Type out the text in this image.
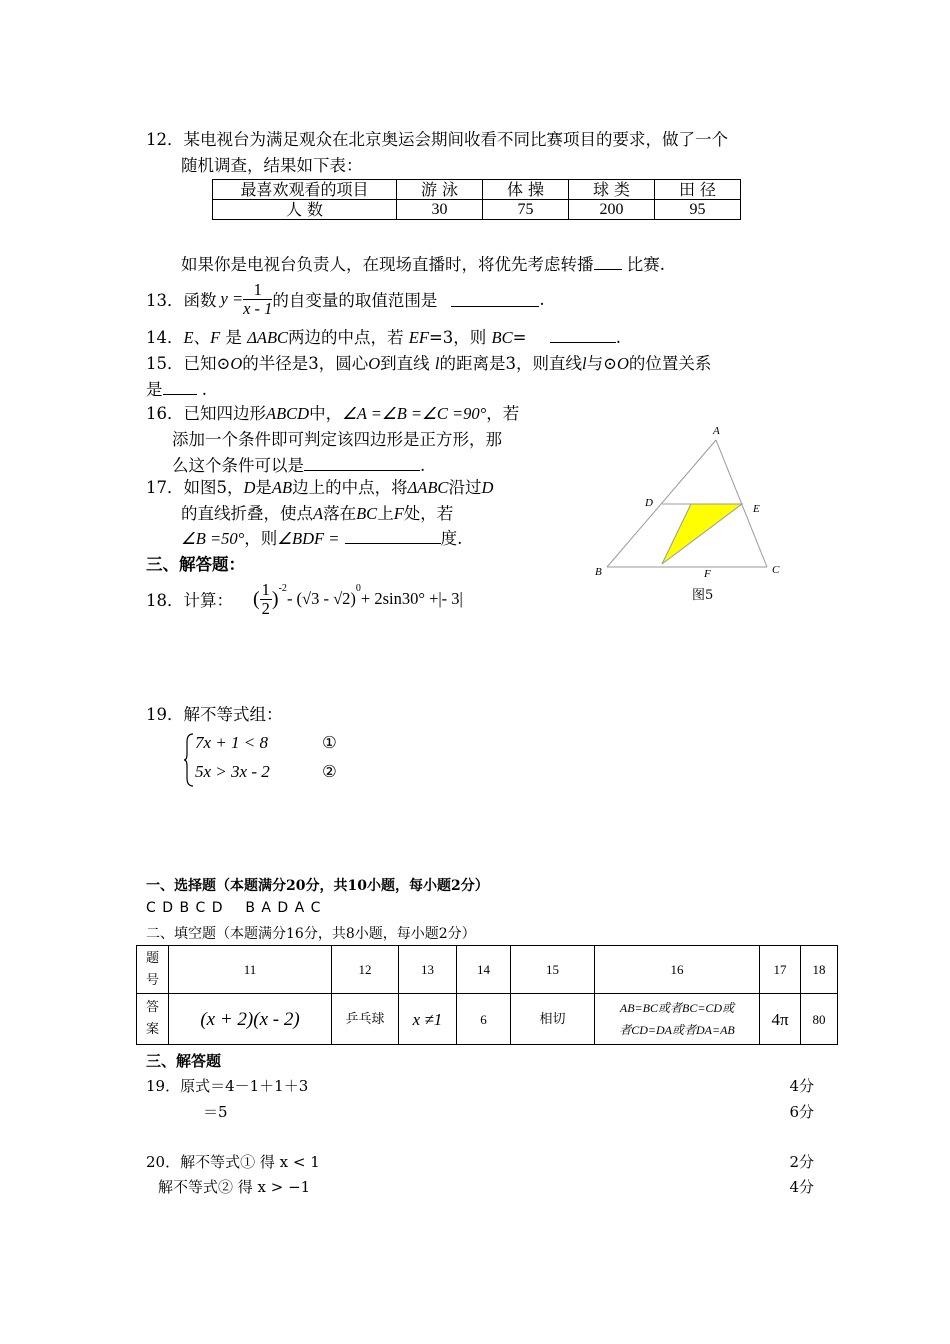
12．某电视台为满足观众在北京奥运会期间收看不同比赛项目的要求，做了一个
随机调查，结果如下表：
最喜欢观看的项目	游 泳	体 操	球 类	田 径
人 数	30	75	200	95
如果你是电视台负责人，在现场直播时，将优先考虑转播 比赛.
13．函数 $y = \frac{1}{x - 1}$ 的自变量的取值范围是	.
14．E、F 是 ΔABC两边的中点，若 EF=3，则 BC=	.
15．已知⊙O的半径是3，圆心O到直线 l的距离是3，则直线l与⊙O的位置关系
是 .
16．已知四边形ABCD中，∠A =∠B =∠C =90°，若
添加一个条件即可判定该四边形是正方形，那
么这个条件可以是	.
17．如图5，D是AB边上的中点，将ΔABC沿过D
的直线折叠，使点A落在BC上F处，若
∠B =50°，则∠BDF =	度.
A
D	E
B	C
F
图5
三、解答题：
18．计算： ( $\frac{1}{2} )^{-2}$
- (√3 - √2)
$^0$
+ 2sin30° +|- 3|
19．解不等式组：
7x + 1 < 8	①
5x > 3x - 2	②
一、选择题（本题满分20分，共10小题，每小题2分）
C D B C D    B A D A C
二、填空题（本题满分16分，共8小题，每小题2分）
题
号	11	12	13	14	15	16	17	18
答
案	(x + 2)(x - 2)	乒乓球	x ≠1	6	相切	AB=BC或者BC=CD或
者CD=DA或者DA=AB	4π	80
三、解答题
19．原式＝4－1＋1＋3	4分
＝5	6分
20．解不等式① 得 x < 1	2分
解不等式② 得 x > −1	4分
